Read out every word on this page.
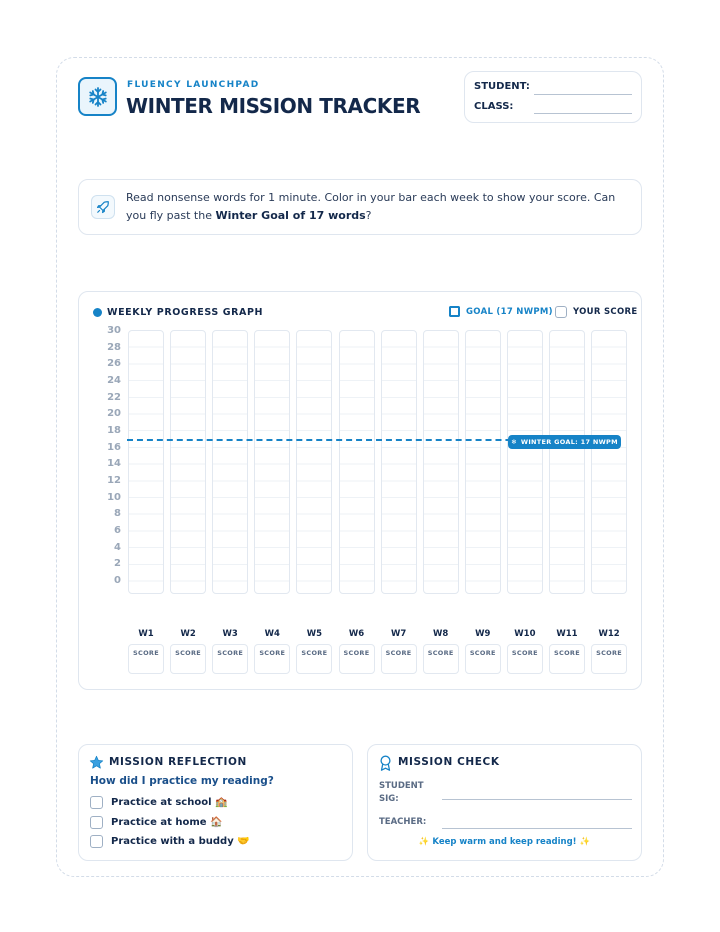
FLUENCY LAUNCHPAD
WINTER MISSION TRACKER
STUDENT:
CLASS:
Read nonsense words for 1 minute. Color in your bar each week to show your score. Can you fly past the Winter Goal of 17 words?
WEEKLY PROGRESS GRAPH	GOAL (17 NWPM) YOUR SCORE
30
28
26
24
22
20
18
16
14
12
10
8
6
4
2
0
❄ WINTER GOAL: 17 NWPM
W1
SCORE
W2
SCORE
W3
SCORE
W4
SCORE
W5
SCORE
W6
SCORE
W7
SCORE
W8
SCORE
W9
SCORE
W10
SCORE
W11
SCORE
W12
SCORE
MISSION REFLECTION
How did I practice my reading?
Practice at school 🏫
Practice at home 🏠
Practice with a buddy 🤝
MISSION CHECK
STUDENT
SIG:
TEACHER:
✨ Keep warm and keep reading! ✨
